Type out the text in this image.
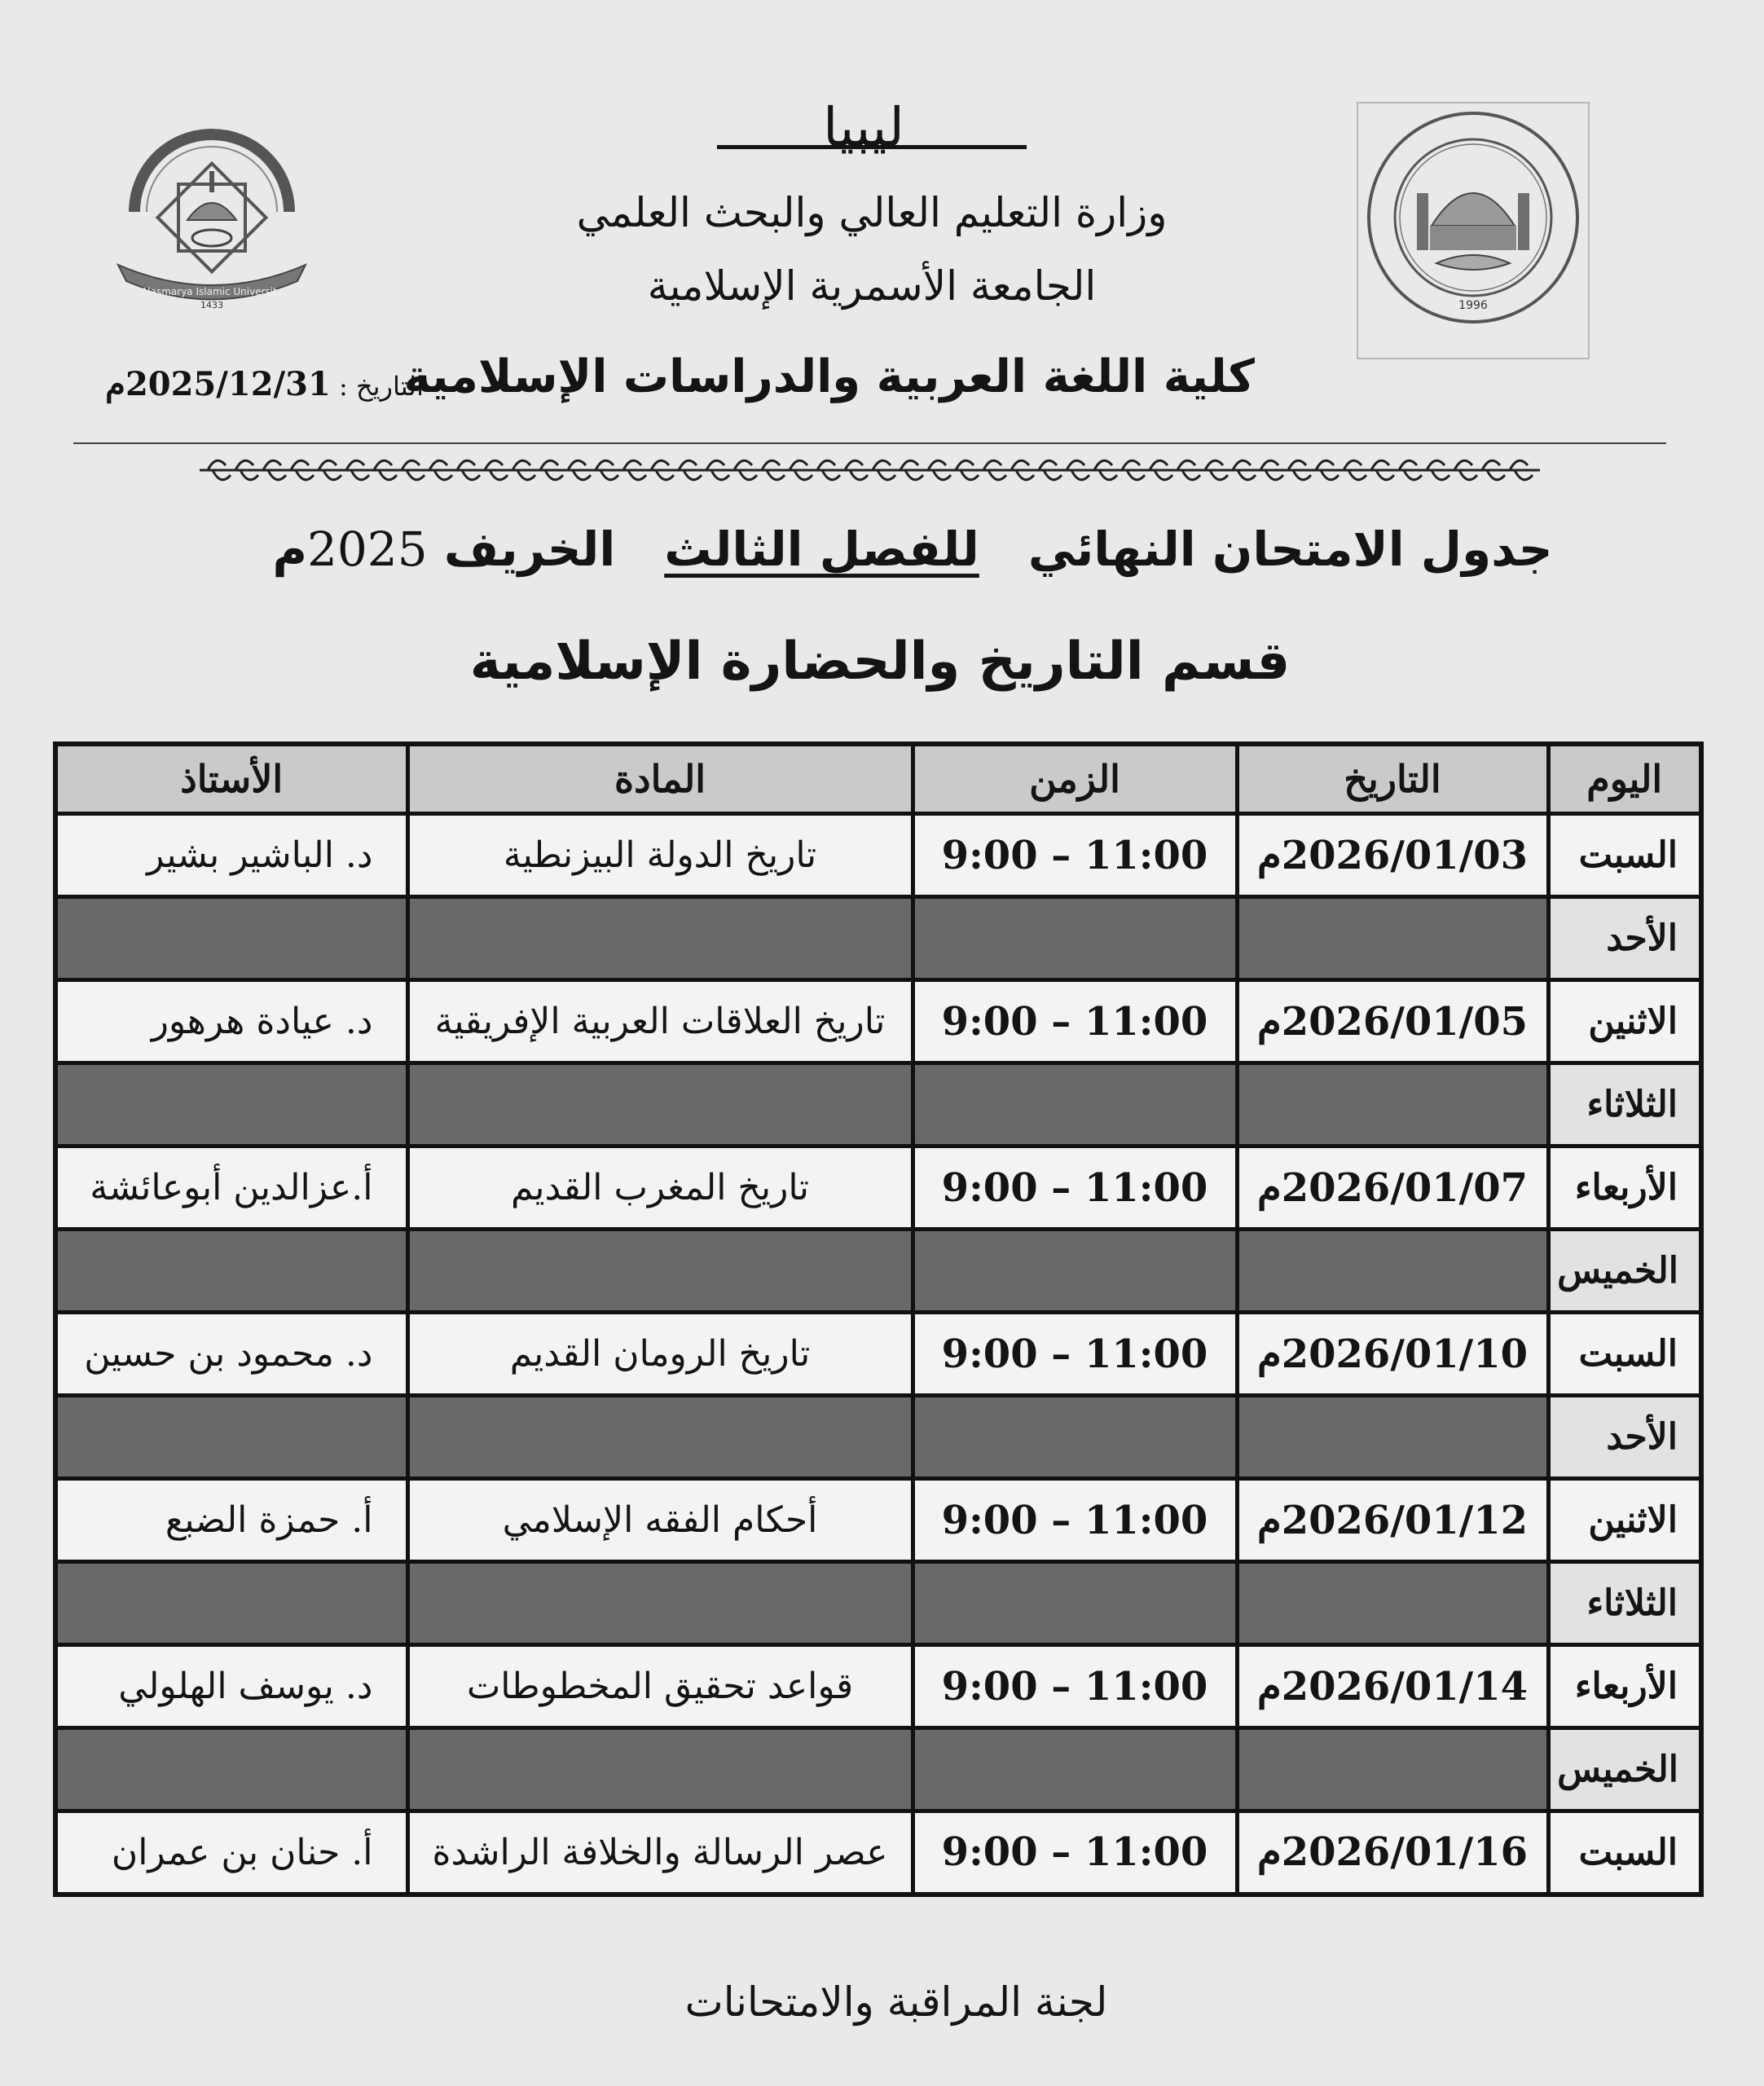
ليبيا
وزارة التعليم العالي والبحث العلمي
الجامعة الأسمرية الإسلامية
كلية اللغة العربية والدراسات الإسلامية
التاريخ : 2025/12/31م
1996
Alasmarya Islamic University
1433
جدول الامتحان النهائيللفصل الثالثالخريف 2025م
قسم التاريخ والحضارة الإسلامية
اليوم	التاريخ	الزمن	المادة	الأستاذ
السبت	2026/01/03م	9:00 – 11:00	تاريخ الدولة البيزنطية	د. الباشير بشير
الأحد				
الاثنين	2026/01/05م	9:00 – 11:00	تاريخ العلاقات العربية الإفريقية	د. عيادة هرهور
الثلاثاء				
الأربعاء	2026/01/07م	9:00 – 11:00	تاريخ المغرب القديم	أ.عزالدين أبوعائشة
الخميس				
السبت	2026/01/10م	9:00 – 11:00	تاريخ الرومان القديم	د. محمود بن حسين
الأحد				
الاثنين	2026/01/12م	9:00 – 11:00	أحكام الفقه الإسلامي	أ. حمزة الضبع
الثلاثاء				
الأربعاء	2026/01/14م	9:00 – 11:00	قواعد تحقيق المخطوطات	د. يوسف الهلولي
الخميس				
السبت	2026/01/16م	9:00 – 11:00	عصر الرسالة والخلافة الراشدة	أ. حنان بن عمران
لجنة المراقبة والامتحانات
